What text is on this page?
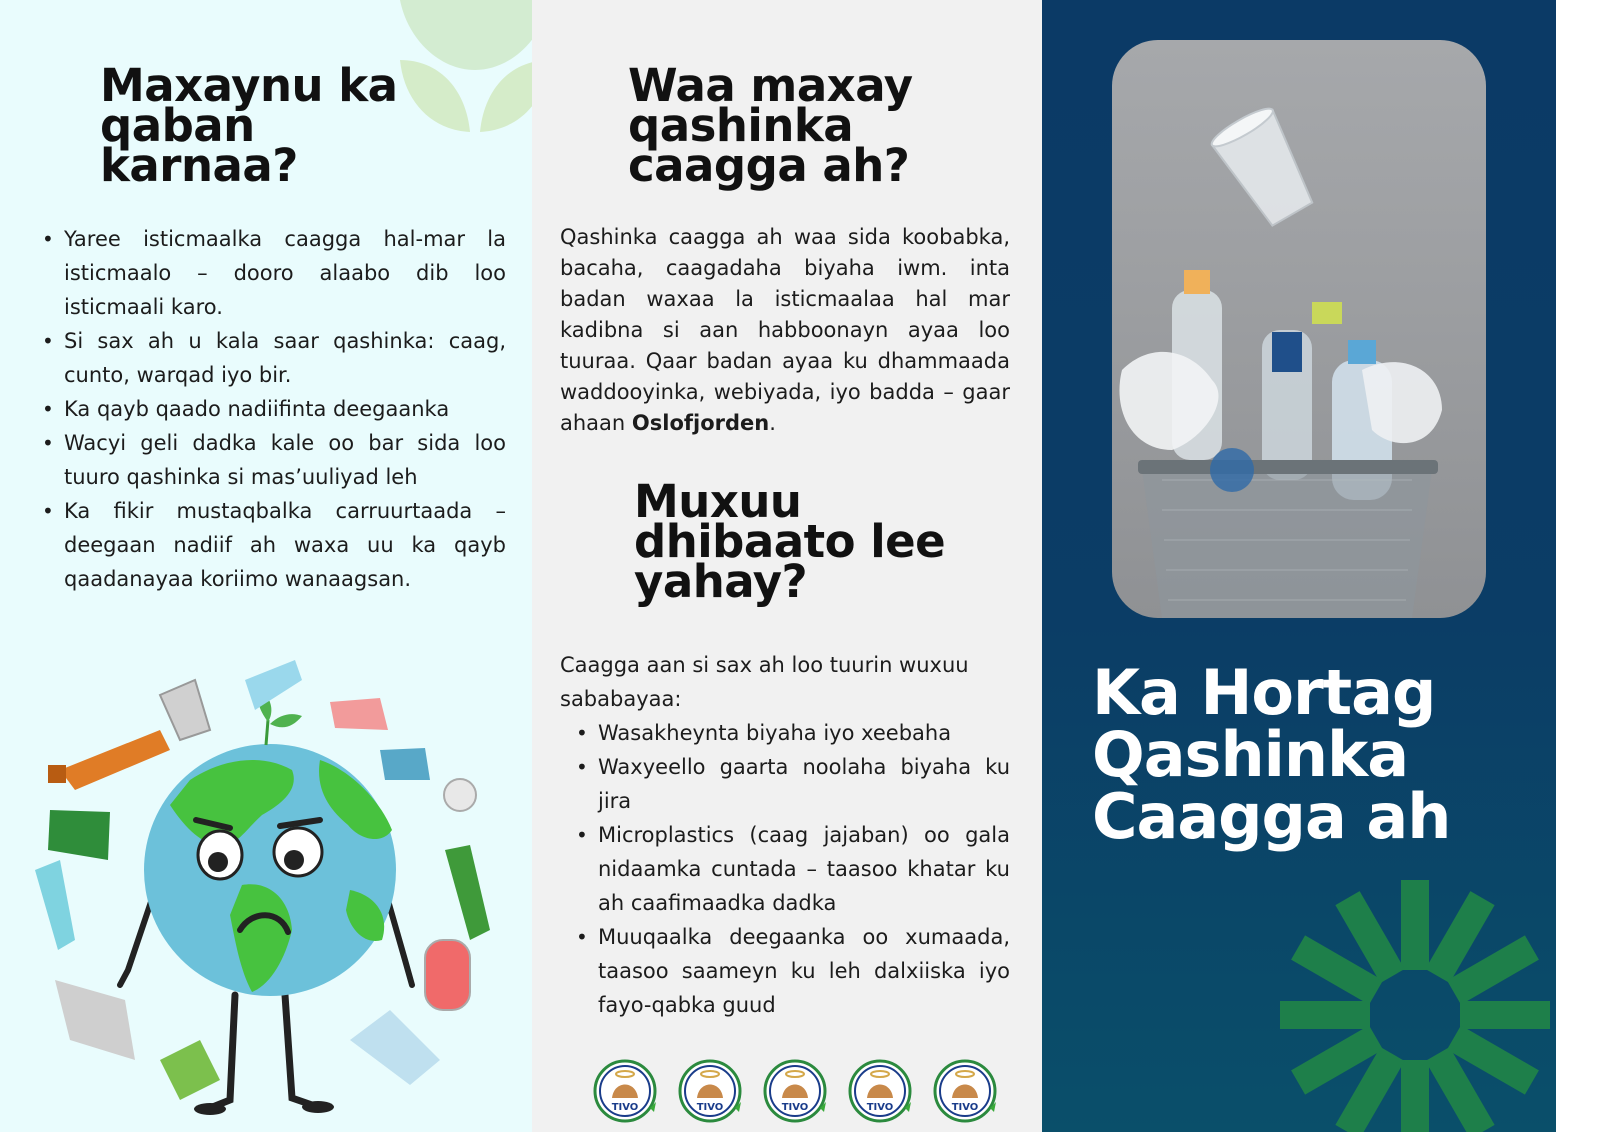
Maxaynu ka
qaban
karnaa?
• Yaree isticmaalka caagga hal-mar la isticmaalo – dooro alaabo dib loo isticmaali karo.
• Si sax ah u kala saar qashinka: caag, cunto, warqad iyo bir.
• Ka qayb qaado nadiifinta deegaanka
• Wacyi geli dadka kale oo bar sida loo tuuro qashinka si mas’uuliyad leh
• Ka fikir mustaqbalka carruurtaada – deegaan nadiif ah waxa uu ka qayb qaadanayaa koriimo wanaagsan.
Waa maxay
qashinka
caagga ah?

Qashinka caagga ah waa sida koobabka, bacaha, caagadaha biyaha iwm. inta badan waxaa la isticmaalaa hal mar kadibna si aan habboonayn ayaa loo tuuraa. Qaar badan ayaa ku dhammaada waddooyinka, webiyada, iyo badda – gaar ahaan Oslofjorden.

Muxuu
dhibaato lee
yahay?

Caagga aan si sax ah loo tuurin wuxuu sababayaa:

• Wasakheynta biyaha iyo xeebaha
• Waxyeello gaarta noolaha biyaha ku jira
• Microplastics (caag jajaban) oo gala nidaamka cuntada – taasoo khatar ku ah caafimaadka dadka
• Muuqaalka deegaanka oo xumaada, taasoo saameyn ku leh dalxiiska iyo fayo-qabka guud
TIVO	TIVO	TIVO	TIVO	TIVO
Ka Hortag
Qashinka
Caagga ah
